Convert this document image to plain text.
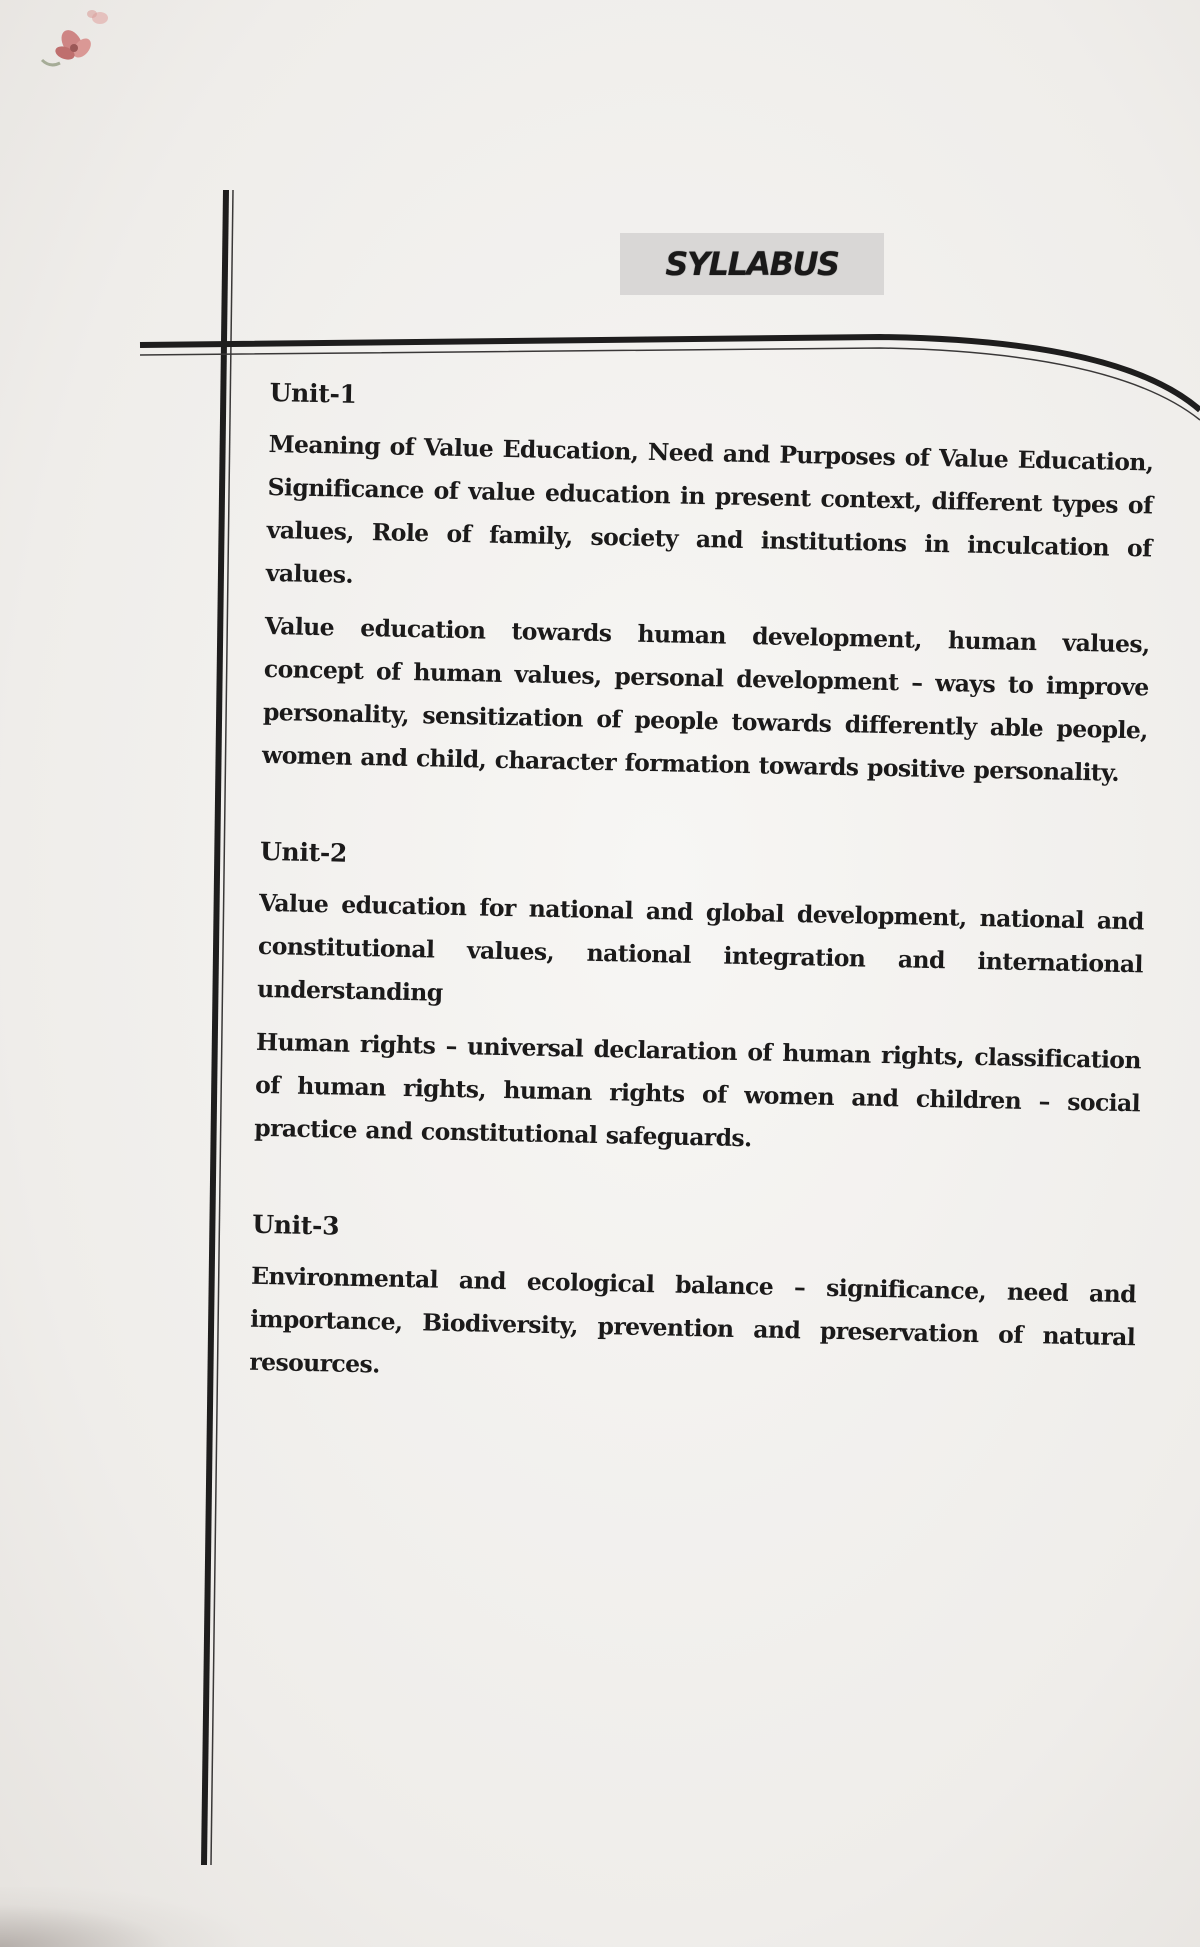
SYLLABUS
Unit-1

Meaning of Value Education, Need and Purposes of Value Education, Significance of value education in present context, different types of values, Role of family, society and institutions in inculcation of values.

Value education towards human development, human values, concept of human values, personal development – ways to improve personality, sensitization of people towards differently able people, women and child, character formation towards positive personality.

Unit-2

Value education for national and global development, national and constitutional values, national integration and international understanding

Human rights – universal declaration of human rights, classification of human rights, human rights of women and children – social practice and constitutional safeguards.

Unit-3

Environmental and ecological balance – significance, need and importance, Biodiversity, prevention and preservation of natural resources.
